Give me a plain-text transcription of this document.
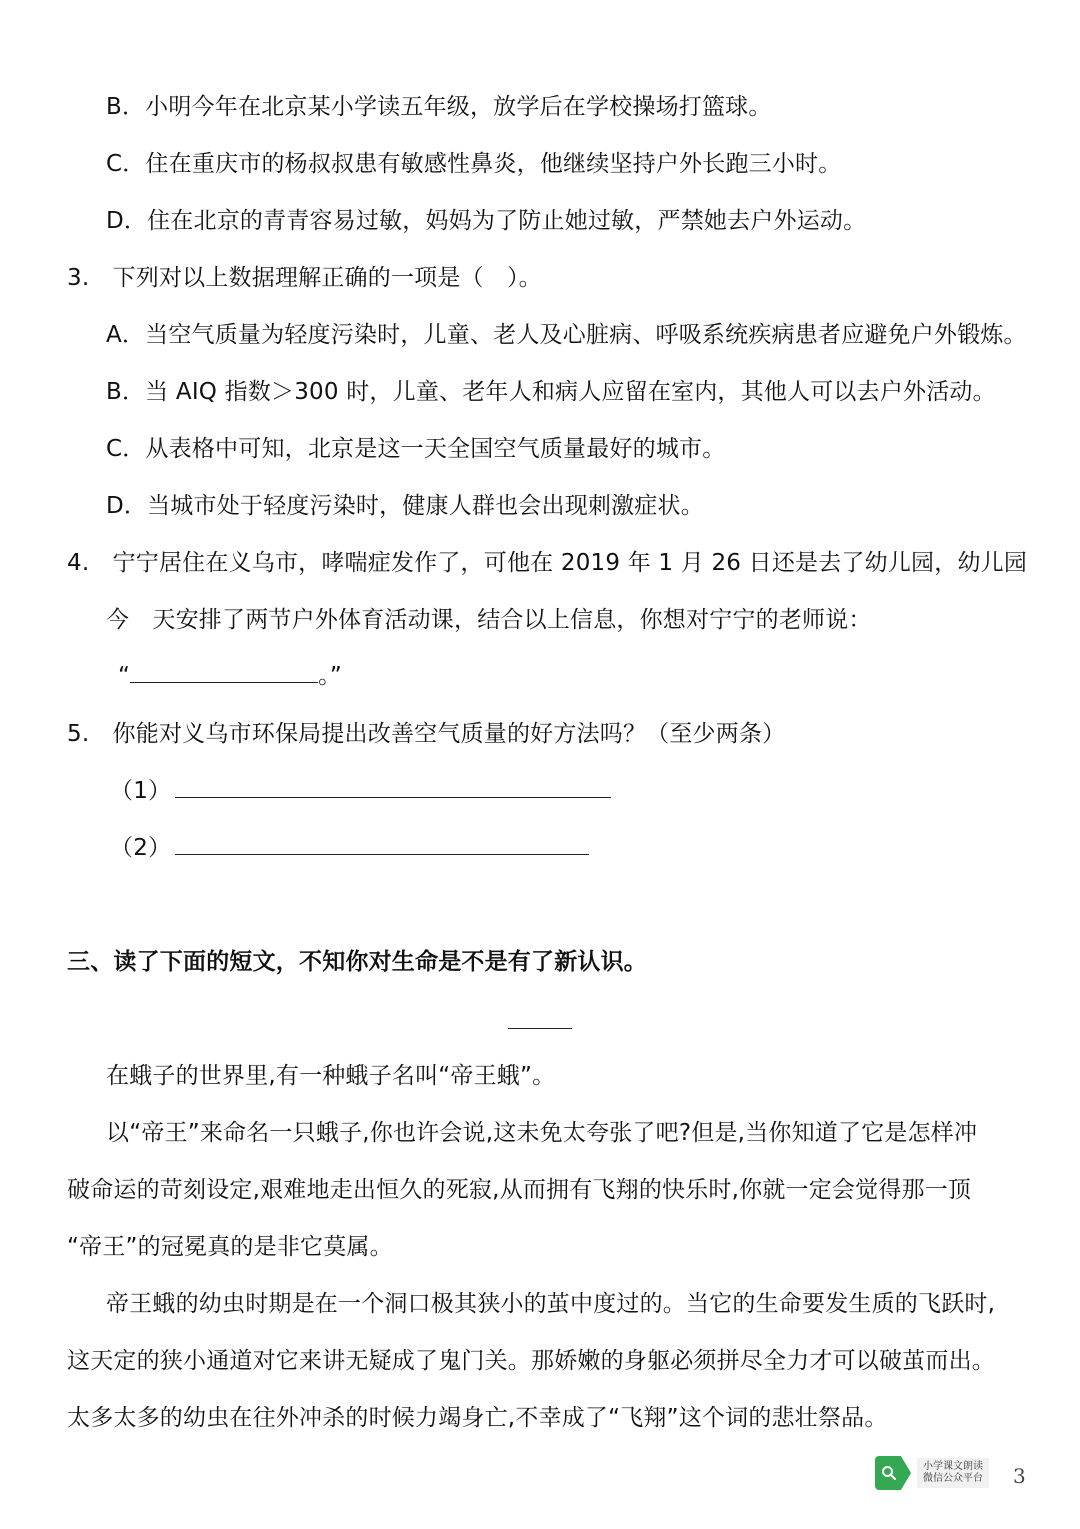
B．小明今年在北京某小学读五年级，放学后在学校操场打篮球。
C．住在重庆市的杨叔叔患有敏感性鼻炎，他继续坚持户外长跑三小时。
D．住在北京的青青容易过敏，妈妈为了防止她过敏，严禁她去户外运动。
3.　下列对以上数据理解正确的一项是（　）。
A．当空气质量为轻度污染时，儿童、老人及心脏病、呼吸系统疾病患者应避免户外锻炼。
B．当 AIQ 指数＞300 时，儿童、老年人和病人应留在室内，其他人可以去户外活动。
C．从表格中可知，北京是这一天全国空气质量最好的城市。
D．当城市处于轻度污染时，健康人群也会出现刺激症状。
4.　宁宁居住在义乌市，哮喘症发作了，可他在 2019 年 1 月 26 日还是去了幼儿园，幼儿园
今　天安排了两节户外体育活动课，结合以上信息，你想对宁宁的老师说：
“	。”
5.　你能对义乌市环保局提出改善空气质量的好方法吗？（至少两条）
（1）
（2）
三、读了下面的短文，不知你对生命是不是有了新认识。
在蛾子的世界里,有一种蛾子名叫“帝王蛾”。
以“帝王”来命名一只蛾子,你也许会说,这未免太夸张了吧?但是,当你知道了它是怎样冲
破命运的苛刻设定,艰难地走出恒久的死寂,从而拥有飞翔的快乐时,你就一定会觉得那一顶
“帝王”的冠冕真的是非它莫属。
帝王蛾的幼虫时期是在一个洞口极其狭小的茧中度过的。当它的生命要发生质的飞跃时,
这天定的狭小通道对它来讲无疑成了鬼门关。那娇嫩的身躯必须拼尽全力才可以破茧而出。
太多太多的幼虫在往外冲杀的时候力竭身亡,不幸成了“飞翔”这个词的悲壮祭品。
小学课文朗读
微信公众平台 3
